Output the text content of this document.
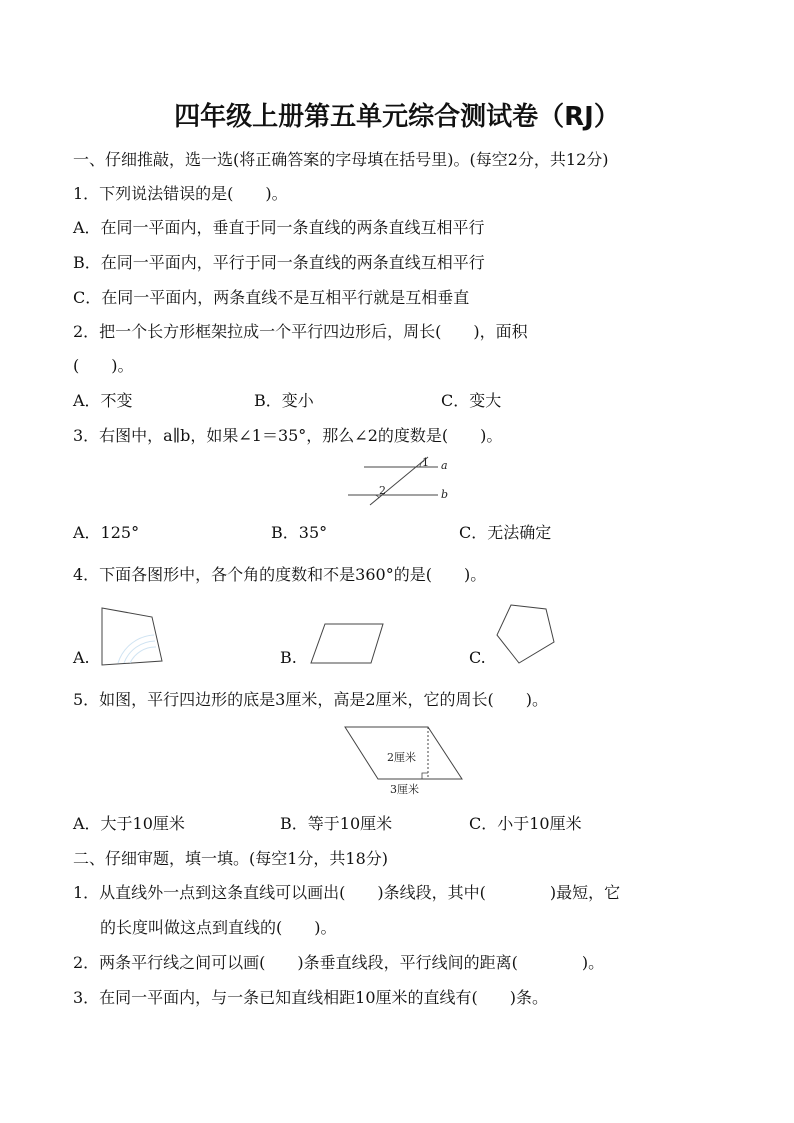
四年级上册第五单元综合测试卷（RJ）
一、仔细推敲，选一选(将正确答案的字母填在括号里)。(每空2分，共12分)
1．下列说法错误的是(　　)。
A．在同一平面内，垂直于同一条直线的两条直线互相平行
B．在同一平面内，平行于同一条直线的两条直线互相平行
C．在同一平面内，两条直线不是互相平行就是互相垂直
2．把一个长方形框架拉成一个平行四边形后，周长(　　)，面积
(　　)。
A．不变	B．变小	C．变大
3．右图中，a∥b，如果∠1＝35°，那么∠2的度数是(　　)。
1
2
a
b
A．125°	B．35°	C．无法确定
4．下面各图形中，各个角的度数和不是360°的是(　　)。
A.	B.	C.
5．如图，平行四边形的底是3厘米，高是2厘米，它的周长(　　)。
2厘米
3厘米
A．大于10厘米	B．等于10厘米	C．小于10厘米
二、仔细审题，填一填。(每空1分，共18分)
1．从直线外一点到这条直线可以画出(　　)条线段，其中(　　　　)最短，它
的长度叫做这点到直线的(　　)。
2．两条平行线之间可以画(　　)条垂直线段，平行线间的距离(　　　　)。
3．在同一平面内，与一条已知直线相距10厘米的直线有(　　)条。
